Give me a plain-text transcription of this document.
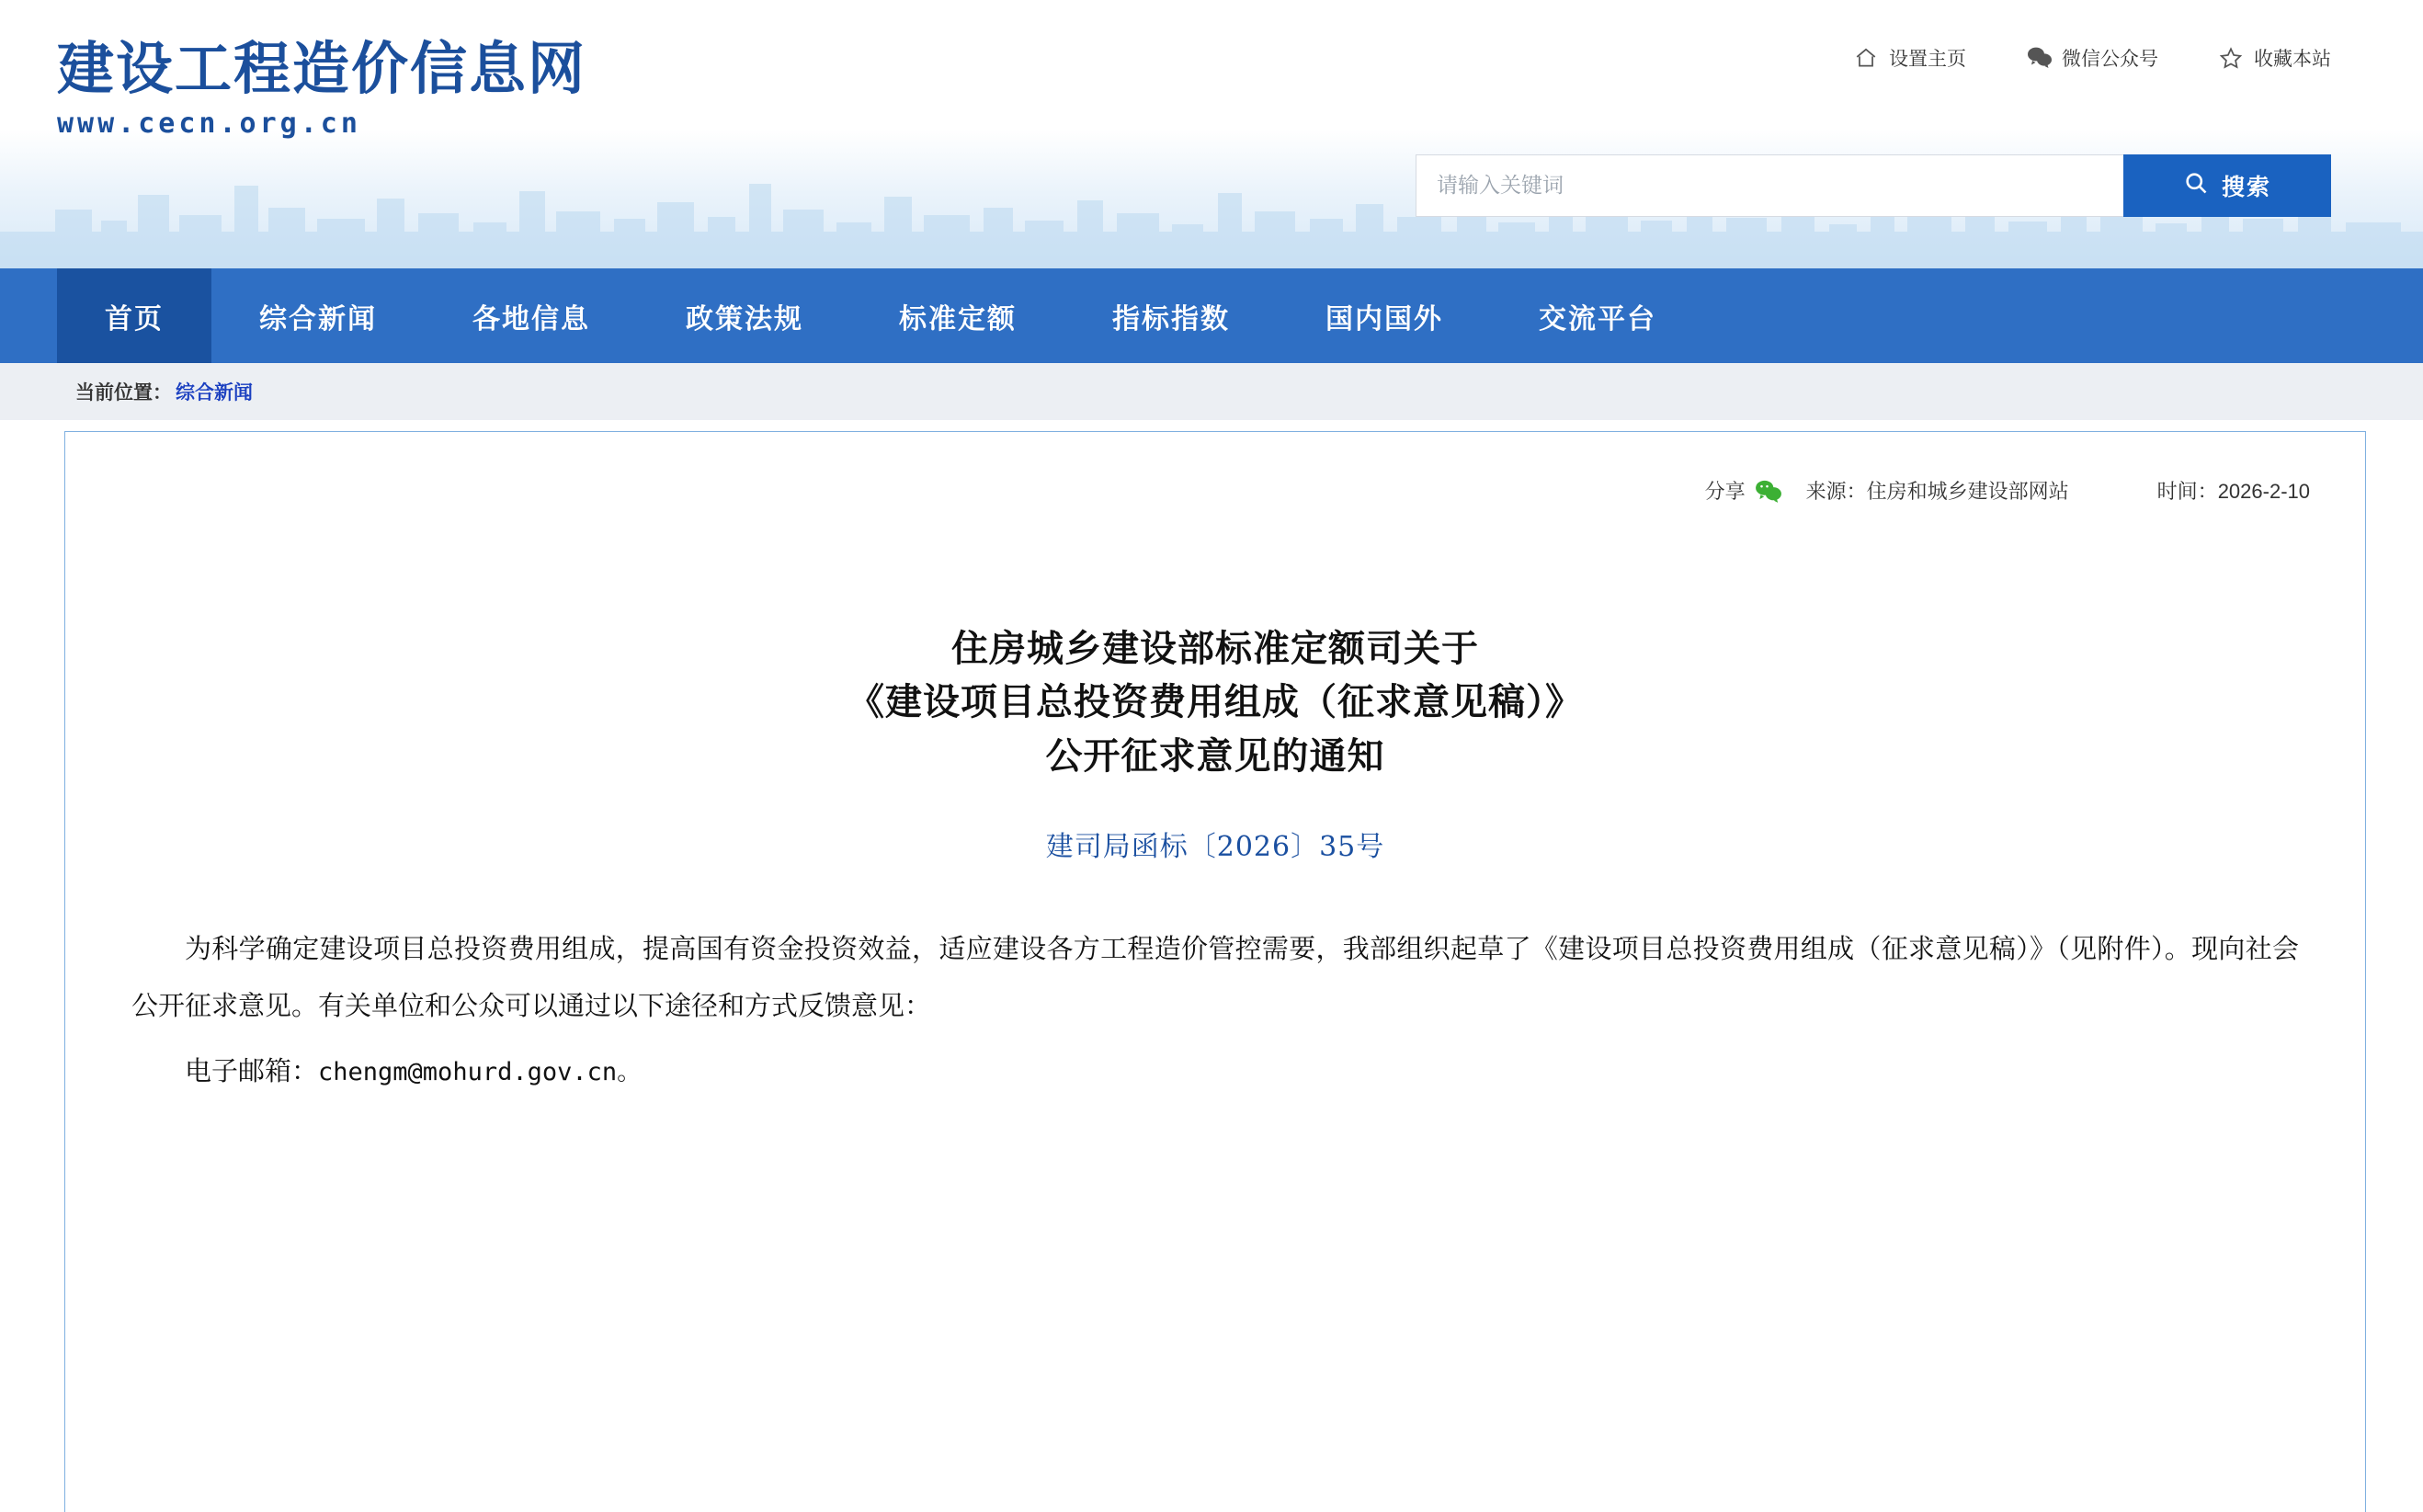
建设工程造价信息网
www.cecn.org.cn
设置主页	微信公众号	收藏本站
请输入关键词
搜索
首页	综合新闻	各地信息	政策法规	标准定额	指标指数	国内国外	交流平台
当前位置： 综合新闻
分享	来源：住房和城乡建设部网站	时间：2026-2-10
住房城乡建设部标准定额司关于
《建设项目总投资费用组成（征求意见稿）》
公开征求意见的通知
建司局函标〔2026〕35号

为科学确定建设项目总投资费用组成，提高国有资金投资效益，适应建设各方工程造价管控需要，我部组织起草了《建设项目总投资费用组成（征求意见稿）》（见附件）。现向社会公开征求意见。有关单位和公众可以通过以下途径和方式反馈意见：

电子邮箱：chengm@mohurd.gov.cn。
